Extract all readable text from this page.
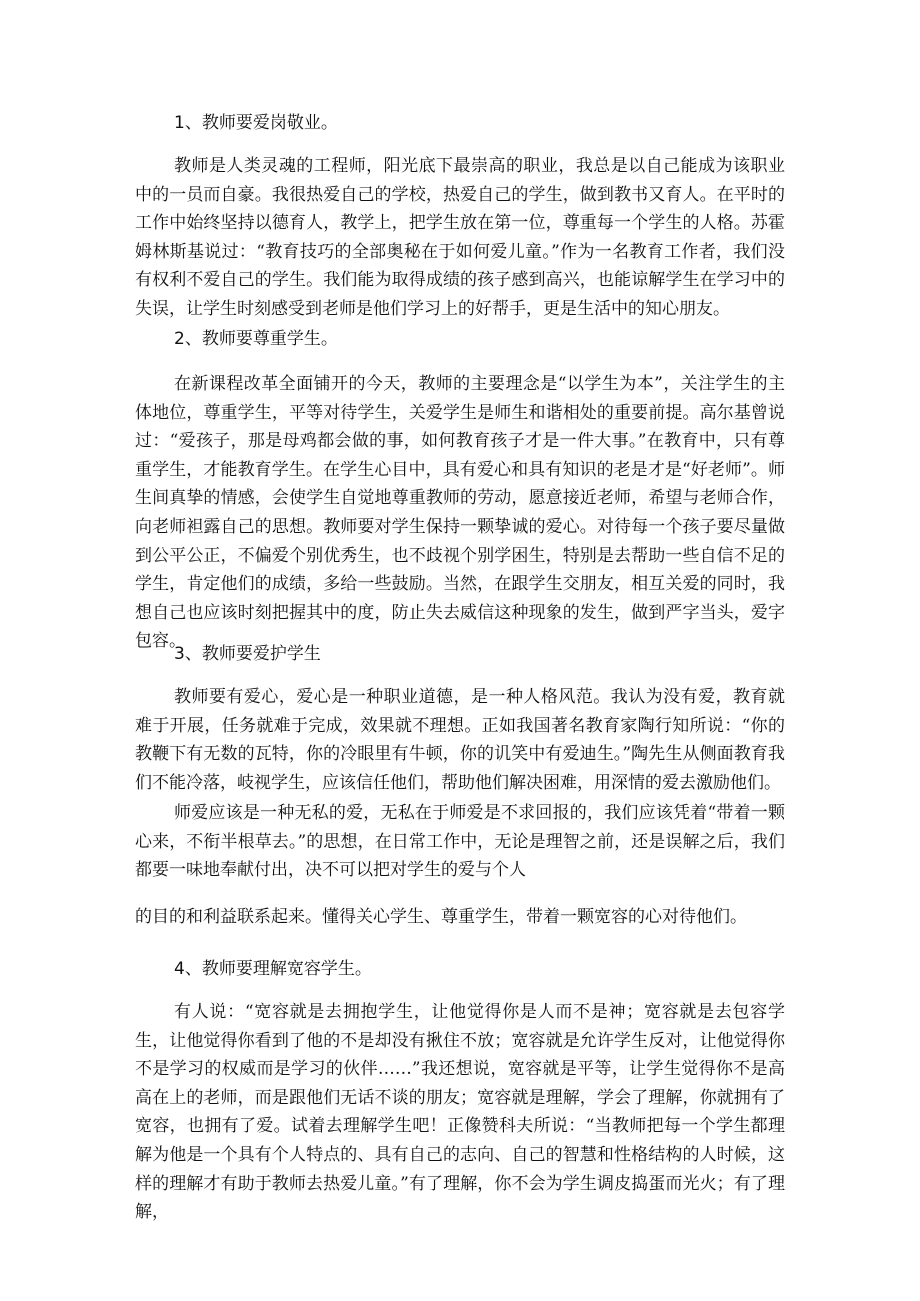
1、教师要爱岗敬业。

教师是人类灵魂的工程师，阳光底下最崇高的职业，我总是以自己能成为该职业中的一员而自豪。我很热爱自己的学校，热爱自己的学生，做到教书又育人。在平时的工作中始终坚持以德育人，教学上，把学生放在第一位，尊重每一个学生的人格。苏霍姆林斯基说过：“教育技巧的全部奥秘在于如何爱儿童。”作为一名教育工作者，我们没有权利不爱自己的学生。我们能为取得成绩的孩子感到高兴，也能谅解学生在学习中的失误，让学生时刻感受到老师是他们学习上的好帮手，更是生活中的知心朋友。

2、教师要尊重学生。

在新课程改革全面铺开的今天，教师的主要理念是“以学生为本”，关注学生的主体地位，尊重学生，平等对待学生，关爱学生是师生和谐相处的重要前提。高尔基曾说过：“爱孩子，那是母鸡都会做的事，如何教育孩子才是一件大事。”在教育中，只有尊重学生，才能教育学生。在学生心目中，具有爱心和具有知识的老是才是“好老师”。师生间真挚的情感，会使学生自觉地尊重教师的劳动，愿意接近老师，希望与老师合作，向老师袒露自己的思想。教师要对学生保持一颗挚诚的爱心。对待每一个孩子要尽量做到公平公正，不偏爱个别优秀生，也不歧视个别学困生，特别是去帮助一些自信不足的学生，肯定他们的成绩，多给一些鼓励。当然，在跟学生交朋友，相互关爱的同时，我想自己也应该时刻把握其中的度，防止失去威信这种现象的发生，做到严字当头，爱字包容。

3、教师要爱护学生

教师要有爱心，爱心是一种职业道德，是一种人格风范。我认为没有爱，教育就难于开展，任务就难于完成，效果就不理想。正如我国著名教育家陶行知所说：“你的教鞭下有无数的瓦特，你的冷眼里有牛顿，你的讥笑中有爱迪生。”陶先生从侧面教育我们不能冷落，岐视学生，应该信任他们，帮助他们解决困难，用深情的爱去激励他们。

师爱应该是一种无私的爱，无私在于师爱是不求回报的，我们应该凭着“带着一颗心来，不衔半根草去。”的思想，在日常工作中，无论是理智之前，还是误解之后，我们都要一味地奉献付出，决不可以把对学生的爱与个人

的目的和利益联系起来。懂得关心学生、尊重学生，带着一颗宽容的心对待他们。

4、教师要理解宽容学生。

有人说：“宽容就是去拥抱学生，让他觉得你是人而不是神；宽容就是去包容学生，让他觉得你看到了他的不是却没有揪住不放；宽容就是允许学生反对，让他觉得你不是学习的权威而是学习的伙伴……”我还想说，宽容就是平等，让学生觉得你不是高高在上的老师，而是跟他们无话不谈的朋友；宽容就是理解，学会了理解，你就拥有了宽容，也拥有了爱。试着去理解学生吧！正像赞科夫所说：“当教师把每一个学生都理解为他是一个具有个人特点的、具有自己的志向、自己的智慧和性格结构的人时候，这样的理解才有助于教师去热爱儿童。”有了理解，你不会为学生调皮捣蛋而光火；有了理解，
